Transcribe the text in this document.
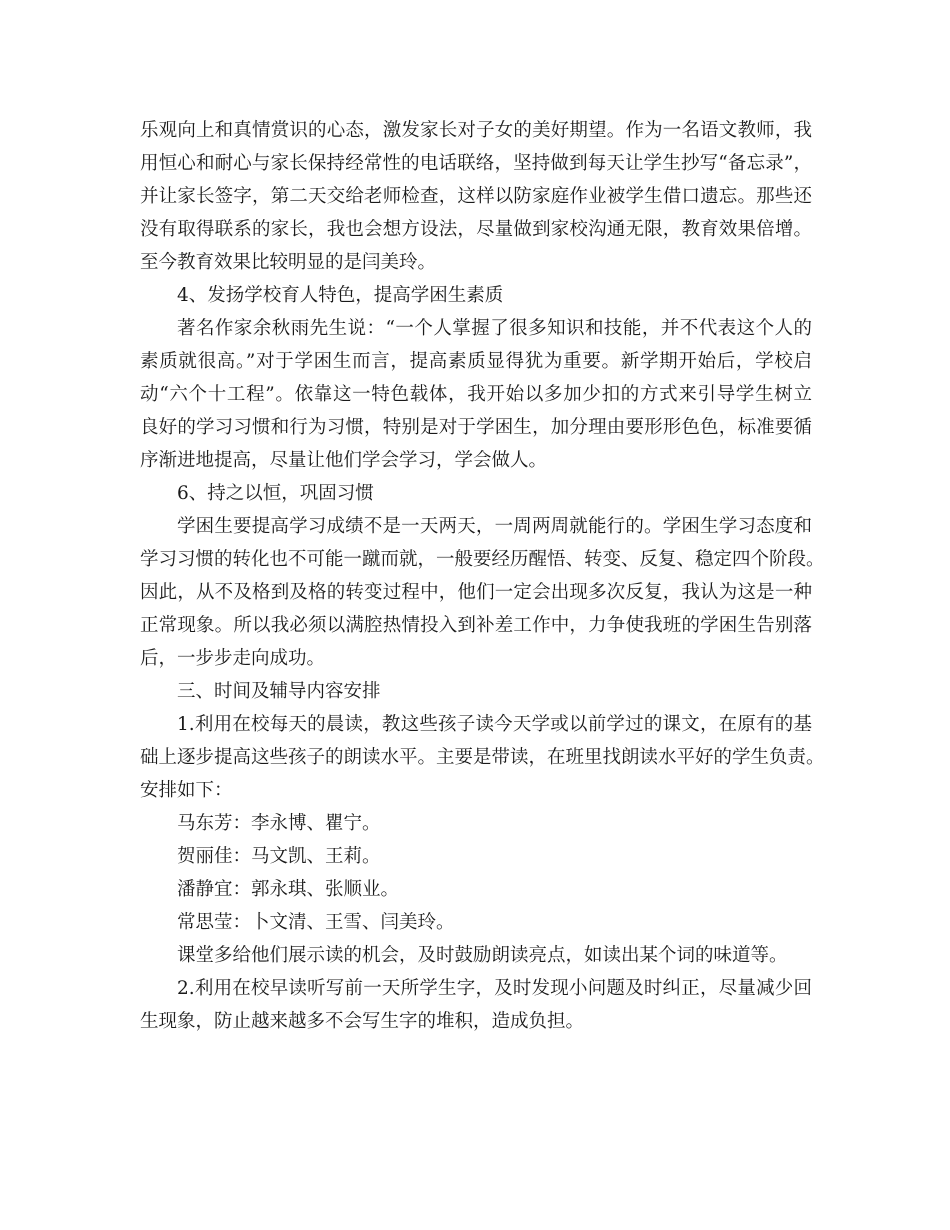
乐观向上和真情赏识的心态，激发家长对子女的美好期望。作为一名语文教师，我
用恒心和耐心与家长保持经常性的电话联络，坚持做到每天让学生抄写“备忘录”，
并让家长签字，第二天交给老师检查，这样以防家庭作业被学生借口遗忘。那些还
没有取得联系的家长，我也会想方设法，尽量做到家校沟通无限，教育效果倍增。
至今教育效果比较明显的是闫美玲。

4、发扬学校育人特色，提高学困生素质

著名作家余秋雨先生说：“一个人掌握了很多知识和技能，并不代表这个人的
素质就很高。”对于学困生而言，提高素质显得犹为重要。新学期开始后，学校启
动“六个十工程”。依靠这一特色载体，我开始以多加少扣的方式来引导学生树立
良好的学习习惯和行为习惯，特别是对于学困生，加分理由要形形色色，标准要循
序渐进地提高，尽量让他们学会学习，学会做人。

6、持之以恒，巩固习惯

学困生要提高学习成绩不是一天两天，一周两周就能行的。学困生学习态度和
学习习惯的转化也不可能一蹴而就，一般要经历醒悟、转变、反复、稳定四个阶段。
因此，从不及格到及格的转变过程中，他们一定会出现多次反复，我认为这是一种
正常现象。所以我必须以满腔热情投入到补差工作中，力争使我班的学困生告别落
后，一步步走向成功。

三、时间及辅导内容安排

1.利用在校每天的晨读，教这些孩子读今天学或以前学过的课文，在原有的基
础上逐步提高这些孩子的朗读水平。主要是带读，在班里找朗读水平好的学生负责。
安排如下：

马东芳：李永博、瞿宁。

贺丽佳：马文凯、王莉。

潘静宜：郭永琪、张顺业。

常思莹：卜文清、王雪、闫美玲。

课堂多给他们展示读的机会，及时鼓励朗读亮点，如读出某个词的味道等。

2.利用在校早读听写前一天所学生字，及时发现小问题及时纠正，尽量减少回
生现象，防止越来越多不会写生字的堆积，造成负担。
